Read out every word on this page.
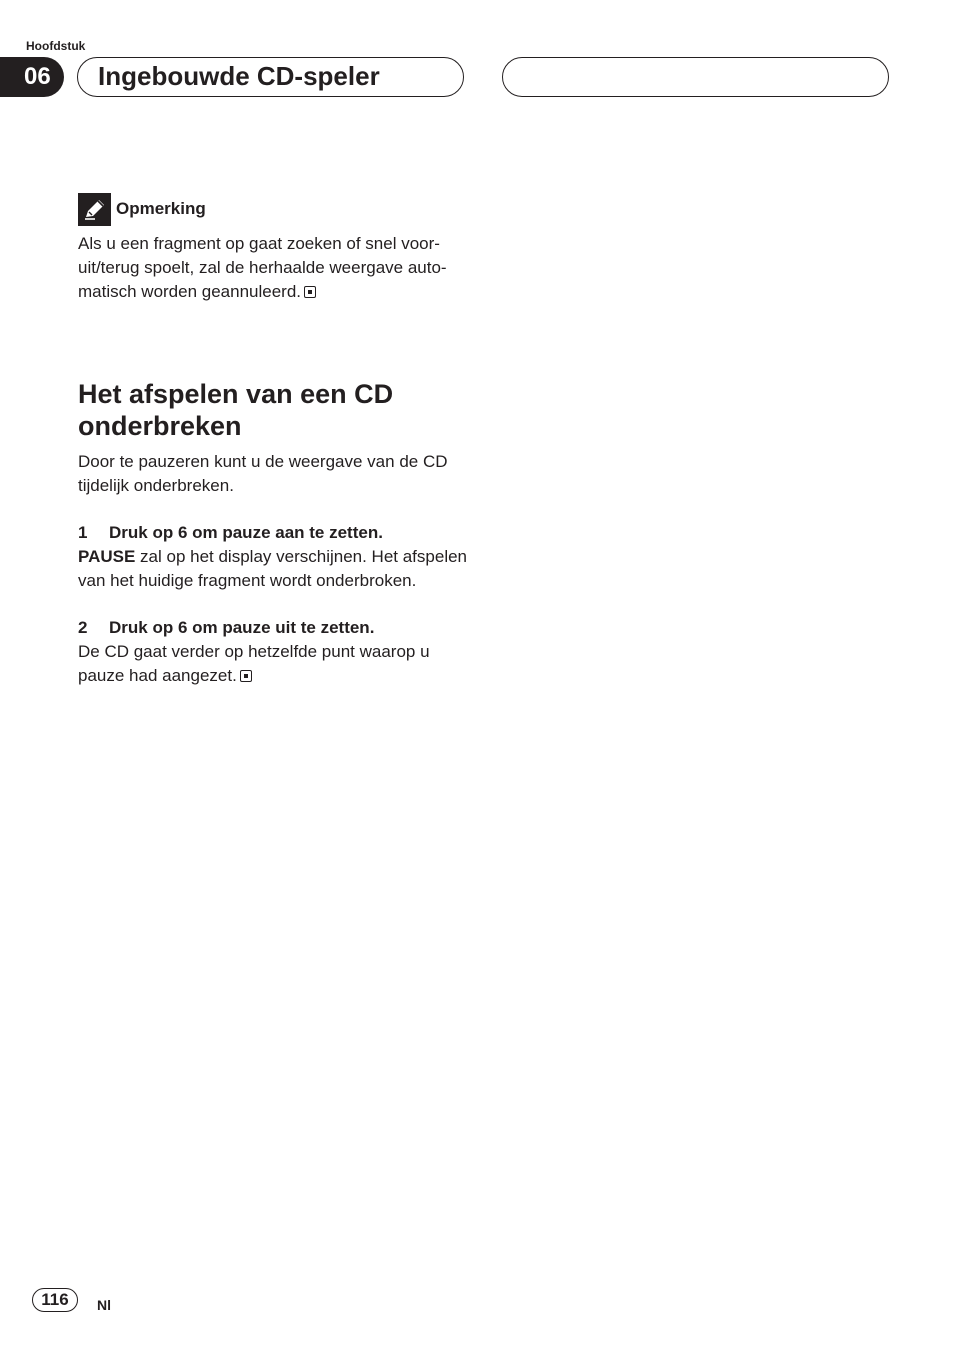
Hoofdstuk
06	Ingebouwde CD-speler
Opmerking

Als u een fragment op gaat zoeken of snel voor-uit/terug spoelt, zal de herhaalde weergave auto-matisch worden geannuleerd.

Het afspelen van een CD onderbreken

Door te pauzeren kunt u de weergave van de CD tijdelijk onderbreken.

1	Druk op 6 om pauze aan te zetten.

PAUSE zal op het display verschijnen. Het afspelen van het huidige fragment wordt onderbroken.

2	Druk op 6 om pauze uit te zetten.

De CD gaat verder op hetzelfde punt waarop u pauze had aangezet.

116	Nl
